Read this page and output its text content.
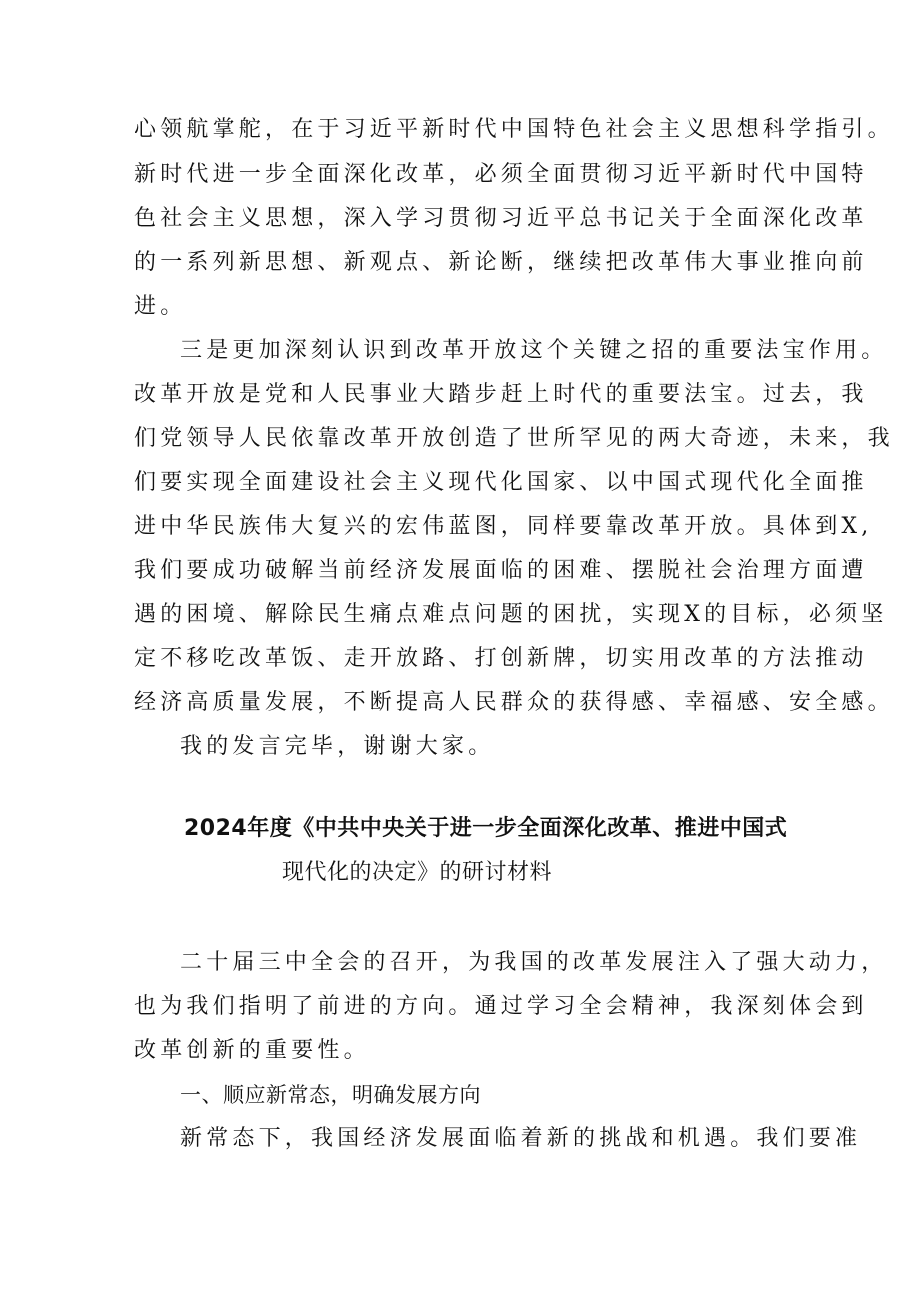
心领航掌舵，在于习近平新时代中国特色社会主义思想科学指引。
新时代进一步全面深化改革，必须全面贯彻习近平新时代中国特
色社会主义思想，深入学习贯彻习近平总书记关于全面深化改革
的一系列新思想、新观点、新论断，继续把改革伟大事业推向前
进。
三是更加深刻认识到改革开放这个关键之招的重要法宝作用。
改革开放是党和人民事业大踏步赶上时代的重要法宝。过去，我
们党领导人民依靠改革开放创造了世所罕见的两大奇迹，未来，我
们要实现全面建设社会主义现代化国家、以中国式现代化全面推
进中华民族伟大复兴的宏伟蓝图，同样要靠改革开放。具体到X,
我们要成功破解当前经济发展面临的困难、摆脱社会治理方面遭
遇的困境、解除民生痛点难点问题的困扰，实现X的目标，必须坚
定不移吃改革饭、走开放路、打创新牌，切实用改革的方法推动
经济高质量发展，不断提高人民群众的获得感、幸福感、安全感。
我的发言完毕，谢谢大家。
2024年度《中共中央关于进一步全面深化改革、推进中国式
现代化的决定》的研讨材料
二十届三中全会的召开，为我国的改革发展注入了强大动力，
也为我们指明了前进的方向。通过学习全会精神，我深刻体会到
改革创新的重要性。
一、顺应新常态，明确发展方向
新常态下，我国经济发展面临着新的挑战和机遇。我们要准
